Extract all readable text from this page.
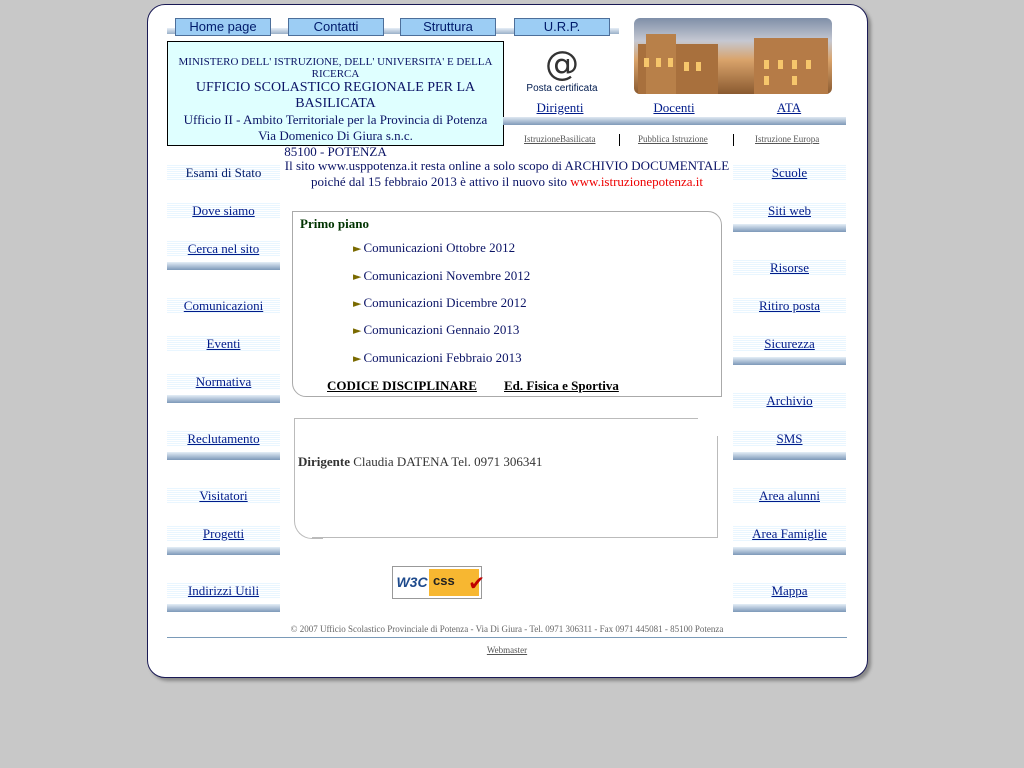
Home page	Contatti	Struttura	U.R.P.
MINISTERO DELL' ISTRUZIONE, DELL' UNIVERSITA' E DELLA RICERCA
UFFICIO SCOLASTICO REGIONALE PER LA BASILICATA
Ufficio II - Ambito Territoriale per la Provincia di Potenza
Via Domenico Di Giura s.n.c.
85100 - POTENZA
@
Posta certificata
Dirigenti	Docenti	ATA
IstruzioneBasilicata	Pubblica Istruzione	Istruzione Europa
Esami di Stato
Dove siamo
Cerca nel sito
Comunicazioni
Eventi
Normativa
Reclutamento
Visitatori
Progetti
Indirizzi Utili
Scuole
Siti web
Risorse
Ritiro posta
Sicurezza
Archivio
SMS
Area alunni
Area Famiglie
Mappa
Il sito www.usppotenza.it resta online a solo scopo di ARCHIVIO DOCUMENTALE
poiché dal 15 febbraio 2013 è attivo il nuovo sito www.istruzionepotenza.it
Primo piano
► Comunicazioni Ottobre 2012
► Comunicazioni Novembre 2012
► Comunicazioni Dicembre 2012
► Comunicazioni Gennaio 2013
► Comunicazioni Febbraio 2013
CODICE DISCIPLINARE Ed. Fisica e Sportiva
Dirigente Claudia DATENA Tel. 0971 306341
W3C css ✔
© 2007 Ufficio Scolastico Provinciale di Potenza - Via Di Giura - Tel. 0971 306311 - Fax 0971 445081 - 85100 Potenza
Webmaster
